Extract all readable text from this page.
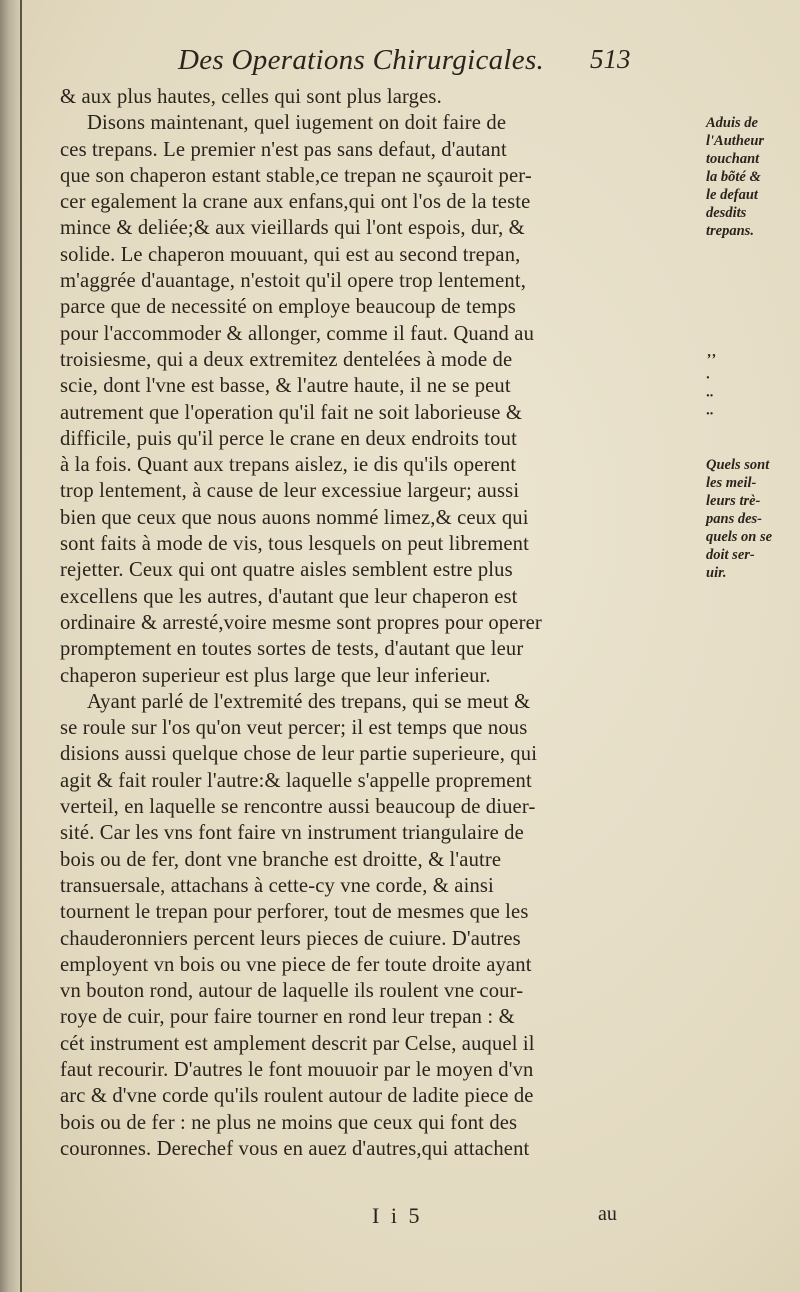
Des Operations Chirurgicales. 513
& aux plus hautes, celles qui sont plus larges.
Disons maintenant, quel iugement on doit faire de
ces trepans. Le premier n'est pas sans defaut, d'autant
que son chaperon estant stable,ce trepan ne sçauroit per-
cer egalement la crane aux enfans,qui ont l'os de la teste
mince & deliée;& aux vieillards qui l'ont espois, dur, &
solide. Le chaperon mouuant, qui est au second trepan,
m'aggrée d'auantage, n'estoit qu'il opere trop lentement,
parce que de necessité on employe beaucoup de temps
pour l'accommoder & allonger, comme il faut. Quand au
troisiesme, qui a deux extremitez dentelées à mode de
scie, dont l'vne est basse, & l'autre haute, il ne se peut
autrement que l'operation qu'il fait ne soit laborieuse &
difficile, puis qu'il perce le crane en deux endroits tout
à la fois. Quant aux trepans aislez, ie dis qu'ils operent
trop lentement, à cause de leur excessiue largeur; aussi
bien que ceux que nous auons nommé limez,& ceux qui
sont faits à mode de vis, tous lesquels on peut librement
rejetter. Ceux qui ont quatre aisles semblent estre plus
excellens que les autres, d'autant que leur chaperon est
ordinaire & arresté,voire mesme sont propres pour operer
promptement en toutes sortes de tests, d'autant que leur
chaperon superieur est plus large que leur inferieur.
Ayant parlé de l'extremité des trepans, qui se meut &
se roule sur l'os qu'on veut percer; il est temps que nous
disions aussi quelque chose de leur partie superieure, qui
agit & fait rouler l'autre:& laquelle s'appelle proprement
verteil, en laquelle se rencontre aussi beaucoup de diuer-
sité. Car les vns font faire vn instrument triangulaire de
bois ou de fer, dont vne branche est droitte, & l'autre
transuersale, attachans à cette-cy vne corde, & ainsi
tournent le trepan pour perforer, tout de mesmes que les
chauderonniers percent leurs pieces de cuiure. D'autres
employent vn bois ou vne piece de fer toute droite ayant
vn bouton rond, autour de laquelle ils roulent vne cour-
roye de cuir, pour faire tourner en rond leur trepan : &
cét instrument est amplement descrit par Celse, auquel il
faut recourir. D'autres le font mouuoir par le moyen d'vn
arc & d'vne corde qu'ils roulent autour de ladite piece de
bois ou de fer : ne plus ne moins que ceux qui font des
couronnes. Derechef vous en auez d'autres,qui attachent
Aduis de
l'Autheur
touchant
la bõté &
le defaut
desdits
trepans.
ʼʼ
·
··
··
Quels sont
les meil-
leurs trè-
pans des-
quels on se
doit ser-
uir.
I i 5	au
